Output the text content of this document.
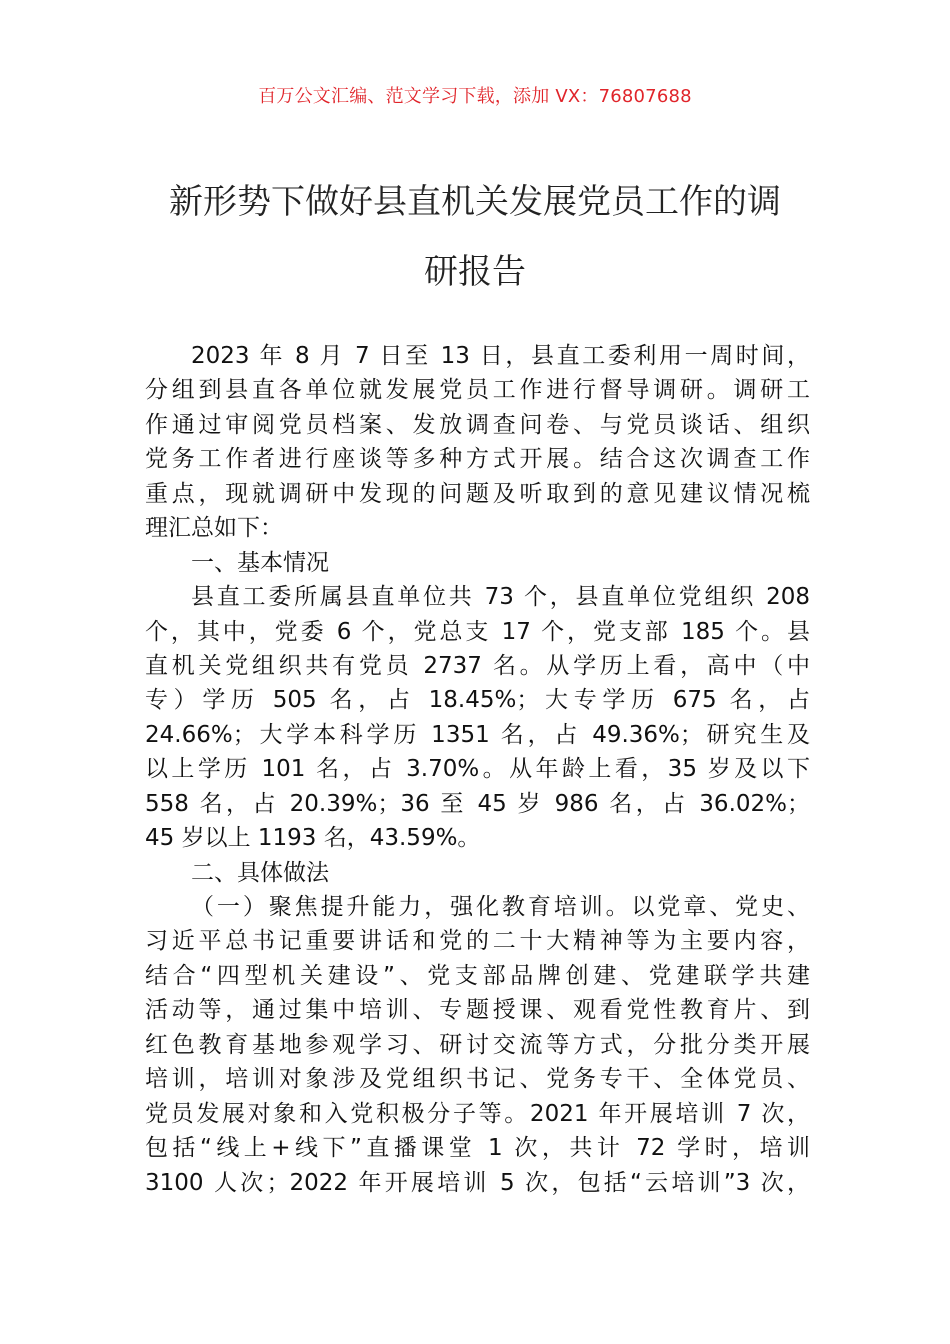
百万公文汇编、范文学习下载，添加 VX：76807688
新形势下做好县直机关发展党员工作的调
研报告
2023 年 8 月 7 日至 13 日，县直工委利用一周时间，
分组到县直各单位就发展党员工作进行督导调研。调研工
作通过审阅党员档案、发放调查问卷、与党员谈话、组织
党务工作者进行座谈等多种方式开展。结合这次调查工作
重点，现就调研中发现的问题及听取到的意见建议情况梳
理汇总如下：
一、基本情况
县直工委所属县直单位共 73 个，县直单位党组织 208
个，其中，党委 6 个，党总支 17 个，党支部 185 个。县
直机关党组织共有党员 2737 名。从学历上看，高中（中
专）学历 505 名，占 18.45%；大专学历 675 名，占
24.66%；大学本科学历 1351 名，占 49.36%；研究生及
以上学历 101 名，占 3.70%。从年龄上看，35 岁及以下
558 名，占 20.39%；36 至 45 岁 986 名，占 36.02%；
45 岁以上 1193 名，43.59%。
二、具体做法
（一）聚焦提升能力，强化教育培训。以党章、党史、
习近平总书记重要讲话和党的二十大精神等为主要内容，
结合“四型机关建设”、党支部品牌创建、党建联学共建
活动等，通过集中培训、专题授课、观看党性教育片、到
红色教育基地参观学习、研讨交流等方式，分批分类开展
培训，培训对象涉及党组织书记、党务专干、全体党员、
党员发展对象和入党积极分子等。2021 年开展培训 7 次，
包括“线上+线下”直播课堂 1 次，共计 72 学时，培训
3100 人次；2022 年开展培训 5 次，包括“云培训”3 次，
